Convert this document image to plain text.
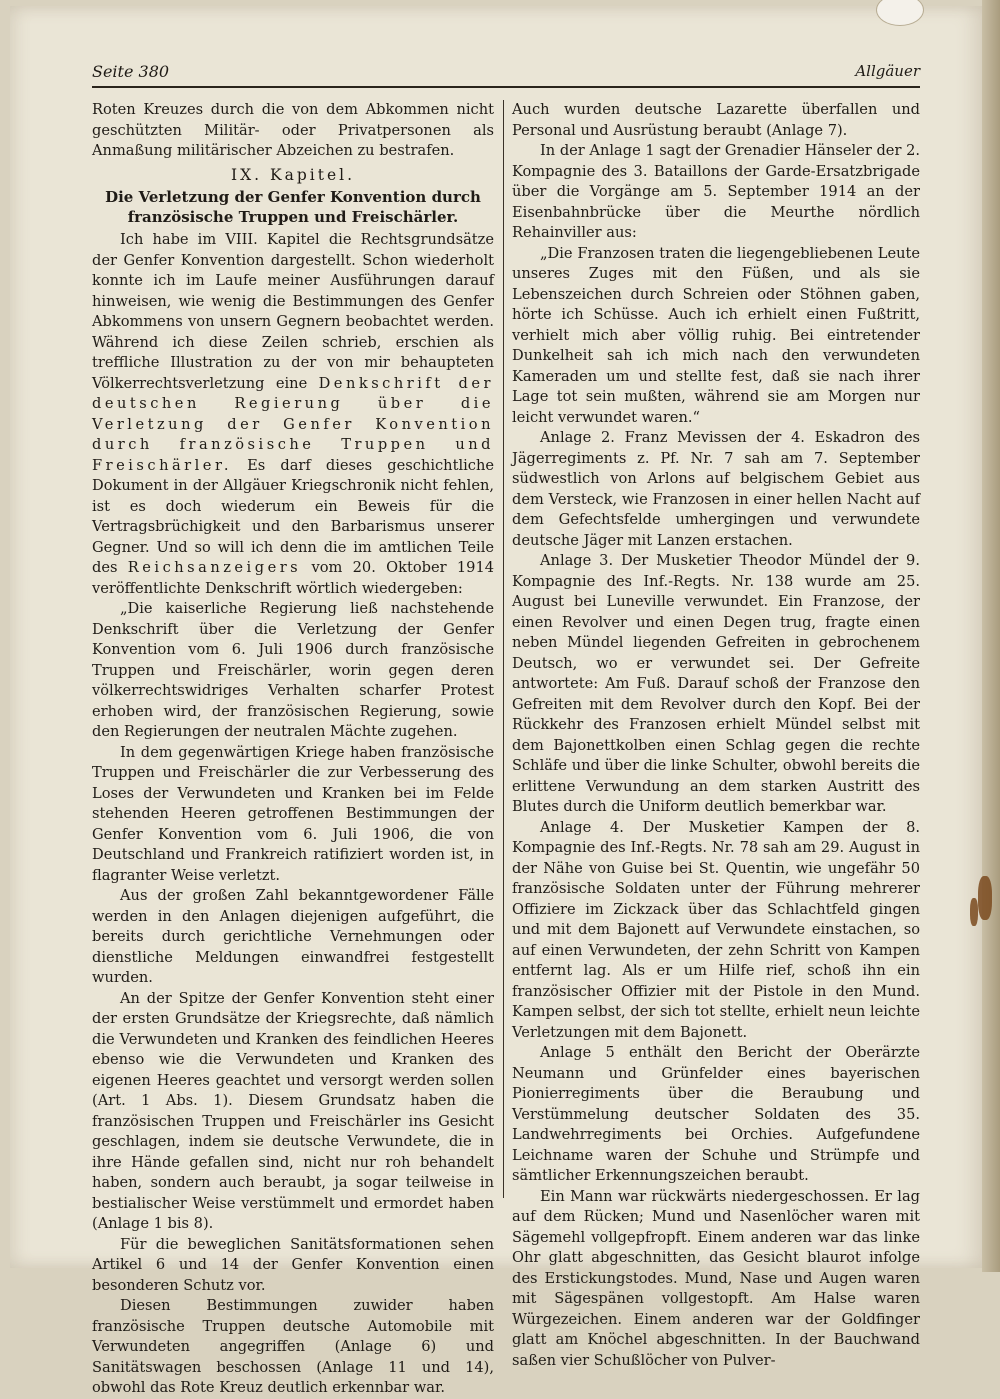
Seite 380	Allgäuer

Roten Kreuzes durch die von dem Abkommen nicht geschützten Militär- oder Privatpersonen als Anmaßung militärischer Abzeichen zu bestrafen.

IX. Kapitel.
Die Verletzung der Genfer Konvention durch französische Truppen und Freischärler.

Ich habe im VIII. Kapitel die Rechtsgrundsätze der Genfer Konvention dargestellt. Schon wiederholt konnte ich im Laufe meiner Ausführungen darauf hinweisen, wie wenig die Bestimmungen des Genfer Abkommens von unsern Gegnern beobachtet werden. Während ich diese Zeilen schrieb, erschien als treffliche Illustration zu der von mir behaupteten Völkerrechtsverletzung eine Denkschrift der deutschen Regierung über die Verletzung der Genfer Konvention durch französische Truppen und Freischärler. Es darf dieses geschichtliche Dokument in der Allgäuer Kriegschronik nicht fehlen, ist es doch wiederum ein Beweis für die Vertragsbrüchigkeit und den Barbarismus unserer Gegner. Und so will ich denn die im amtlichen Teile des Reichsanzeigers vom 20. Oktober 1914 veröffentlichte Denkschrift wörtlich wiedergeben:

„Die kaiserliche Regierung ließ nachstehende Denkschrift über die Verletzung der Genfer Konvention vom 6. Juli 1906 durch französische Truppen und Freischärler, worin gegen deren völkerrechtswidriges Verhalten scharfer Protest erhoben wird, der französischen Regierung, sowie den Regierungen der neutralen Mächte zugehen.

In dem gegenwärtigen Kriege haben französische Truppen und Freischärler die zur Verbesserung des Loses der Verwundeten und Kranken bei im Felde stehenden Heeren getroffenen Bestimmungen der Genfer Konvention vom 6. Juli 1906, die von Deutschland und Frankreich ratifiziert worden ist, in flagranter Weise verletzt.

Aus der großen Zahl bekanntgewordener Fälle werden in den Anlagen diejenigen aufgeführt, die bereits durch gerichtliche Vernehmungen oder dienstliche Meldungen einwandfrei festgestellt wurden.

An der Spitze der Genfer Konvention steht einer der ersten Grundsätze der Kriegsrechte, daß nämlich die Verwundeten und Kranken des feindlichen Heeres ebenso wie die Verwundeten und Kranken des eigenen Heeres geachtet und versorgt werden sollen (Art. 1 Abs. 1). Diesem Grundsatz haben die französischen Truppen und Freischärler ins Gesicht geschlagen, indem sie deutsche Verwundete, die in ihre Hände gefallen sind, nicht nur roh behandelt haben, sondern auch beraubt, ja sogar teilweise in bestialischer Weise verstümmelt und ermordet haben (Anlage 1 bis 8).

Für die beweglichen Sanitätsformationen sehen Artikel 6 und 14 der Genfer Konvention einen besonderen Schutz vor.

Diesen Bestimmungen zuwider haben französische Truppen deutsche Automobile mit Verwundeten angegriffen (Anlage 6) und Sanitätswagen beschossen (Anlage 11 und 14), obwohl das Rote Kreuz deutlich erkennbar war.

Auch wurden deutsche Lazarette überfallen und Personal und Ausrüstung beraubt (Anlage 7).

In der Anlage 1 sagt der Grenadier Hänseler der 2. Kompagnie des 3. Bataillons der Garde-Ersatzbrigade über die Vorgänge am 5. September 1914 an der Eisenbahnbrücke über die Meurthe nördlich Rehainviller aus:

„Die Franzosen traten die liegengebliebenen Leute unseres Zuges mit den Füßen, und als sie Lebenszeichen durch Schreien oder Stöhnen gaben, hörte ich Schüsse. Auch ich erhielt einen Fußtritt, verhielt mich aber völlig ruhig. Bei eintretender Dunkelheit sah ich mich nach den verwundeten Kameraden um und stellte fest, daß sie nach ihrer Lage tot sein mußten, während sie am Morgen nur leicht verwundet waren.“

Anlage 2. Franz Mevissen der 4. Eskadron des Jägerregiments z. Pf. Nr. 7 sah am 7. September südwestlich von Arlons auf belgischem Gebiet aus dem Versteck, wie Franzosen in einer hellen Nacht auf dem Gefechtsfelde umhergingen und verwundete deutsche Jäger mit Lanzen erstachen.

Anlage 3. Der Musketier Theodor Mündel der 9. Kompagnie des Inf.-Regts. Nr. 138 wurde am 25. August bei Luneville verwundet. Ein Franzose, der einen Revolver und einen Degen trug, fragte einen neben Mündel liegenden Gefreiten in gebrochenem Deutsch, wo er verwundet sei. Der Gefreite antwortete: Am Fuß. Darauf schoß der Franzose den Gefreiten mit dem Revolver durch den Kopf. Bei der Rückkehr des Franzosen erhielt Mündel selbst mit dem Bajonettkolben einen Schlag gegen die rechte Schläfe und über die linke Schulter, obwohl bereits die erlittene Verwundung an dem starken Austritt des Blutes durch die Uniform deutlich bemerkbar war.

Anlage 4. Der Musketier Kampen der 8. Kompagnie des Inf.-Regts. Nr. 78 sah am 29. August in der Nähe von Guise bei St. Quentin, wie ungefähr 50 französische Soldaten unter der Führung mehrerer Offiziere im Zickzack über das Schlachtfeld gingen und mit dem Bajonett auf Verwundete einstachen, so auf einen Verwundeten, der zehn Schritt von Kampen entfernt lag. Als er um Hilfe rief, schoß ihn ein französischer Offizier mit der Pistole in den Mund. Kampen selbst, der sich tot stellte, erhielt neun leichte Verletzungen mit dem Bajonett.

Anlage 5 enthält den Bericht der Oberärzte Neumann und Grünfelder eines bayerischen Pionierregiments über die Beraubung und Verstümmelung deutscher Soldaten des 35. Landwehrregiments bei Orchies. Aufgefundene Leichname waren der Schuhe und Strümpfe und sämtlicher Erkennungszeichen beraubt.

Ein Mann war rückwärts niedergeschossen. Er lag auf dem Rücken; Mund und Nasenlöcher waren mit Sägemehl vollgepfropft. Einem anderen war das linke Ohr glatt abgeschnitten, das Gesicht blaurot infolge des Erstickungstodes. Mund, Nase und Augen waren mit Sägespänen vollgestopft. Am Halse waren Würgezeichen. Einem anderen war der Goldfinger glatt am Knöchel abgeschnitten. In der Bauchwand saßen vier Schußlöcher von Pulver-
